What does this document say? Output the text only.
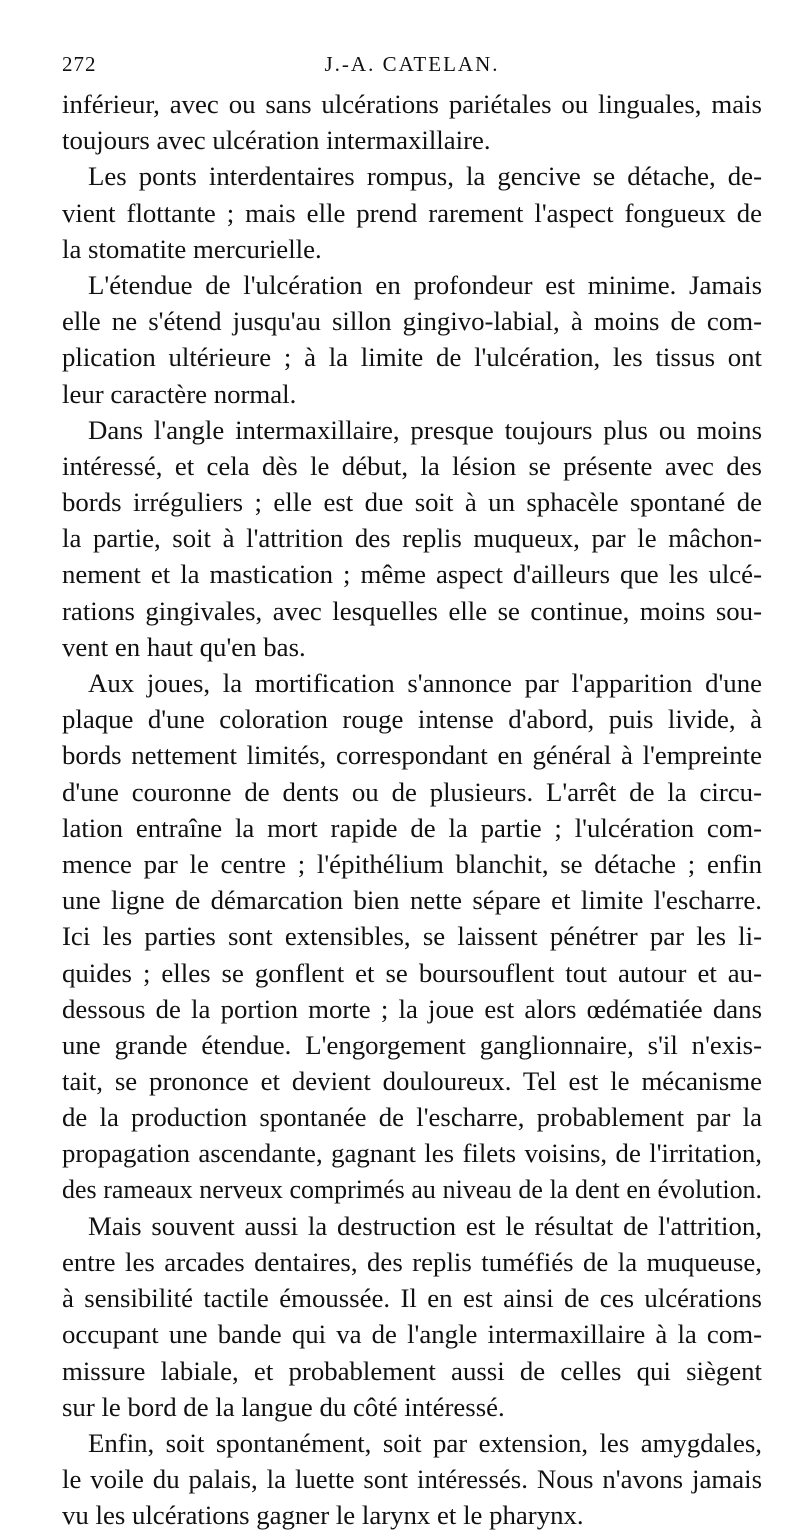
272	J.-A. CATELAN.
inférieur, avec ou sans ulcérations pariétales ou linguales, mais
toujours avec ulcération intermaxillaire.
Les ponts interdentaires rompus, la gencive se détache, de-
vient flottante ; mais elle prend rarement l'aspect fongueux de
la stomatite mercurielle.
L'étendue de l'ulcération en profondeur est minime. Jamais
elle ne s'étend jusqu'au sillon gingivo-labial, à moins de com-
plication ultérieure ; à la limite de l'ulcération, les tissus ont
leur caractère normal.
Dans l'angle intermaxillaire, presque toujours plus ou moins
intéressé, et cela dès le début, la lésion se présente avec des
bords irréguliers ; elle est due soit à un sphacèle spontané de
la partie, soit à l'attrition des replis muqueux, par le mâchon-
nement et la mastication ; même aspect d'ailleurs que les ulcé-
rations gingivales, avec lesquelles elle se continue, moins sou-
vent en haut qu'en bas.
Aux joues, la mortification s'annonce par l'apparition d'une
plaque d'une coloration rouge intense d'abord, puis livide, à
bords nettement limités, correspondant en général à l'empreinte
d'une couronne de dents ou de plusieurs. L'arrêt de la circu-
lation entraîne la mort rapide de la partie ; l'ulcération com-
mence par le centre ; l'épithélium blanchit, se détache ; enfin
une ligne de démarcation bien nette sépare et limite l'escharre.
Ici les parties sont extensibles, se laissent pénétrer par les li-
quides ; elles se gonflent et se boursouflent tout autour et au-
dessous de la portion morte ; la joue est alors œdématiée dans
une grande étendue. L'engorgement ganglionnaire, s'il n'exis-
tait, se prononce et devient douloureux. Tel est le mécanisme
de la production spontanée de l'escharre, probablement par la
propagation ascendante, gagnant les filets voisins, de l'irritation,
des rameaux nerveux comprimés au niveau de la dent en évolution.
Mais souvent aussi la destruction est le résultat de l'attrition,
entre les arcades dentaires, des replis tuméfiés de la muqueuse,
à sensibilité tactile émoussée. Il en est ainsi de ces ulcérations
occupant une bande qui va de l'angle intermaxillaire à la com-
missure labiale, et probablement aussi de celles qui siègent
sur le bord de la langue du côté intéressé.
Enfin, soit spontanément, soit par extension, les amygdales,
le voile du palais, la luette sont intéressés. Nous n'avons jamais
vu les ulcérations gagner le larynx et le pharynx.
